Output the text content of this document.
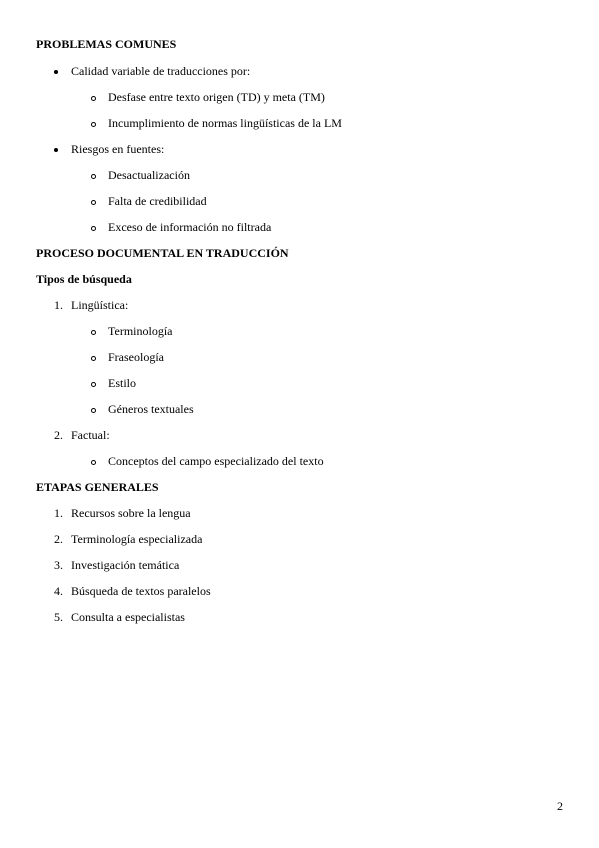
PROBLEMAS COMUNES
Calidad variable de traducciones por:
Desfase entre texto origen (TD) y meta (TM)
Incumplimiento de normas lingüísticas de la LM
Riesgos en fuentes:
Desactualización
Falta de credibilidad
Exceso de información no filtrada
PROCESO DOCUMENTAL EN TRADUCCIÓN
Tipos de búsqueda
1. Lingüística:
Terminología
Fraseología
Estilo
Géneros textuales
2. Factual:
Conceptos del campo especializado del texto
ETAPAS GENERALES
1. Recursos sobre la lengua
2. Terminología especializada
3. Investigación temática
4. Búsqueda de textos paralelos
5. Consulta a especialistas
2
